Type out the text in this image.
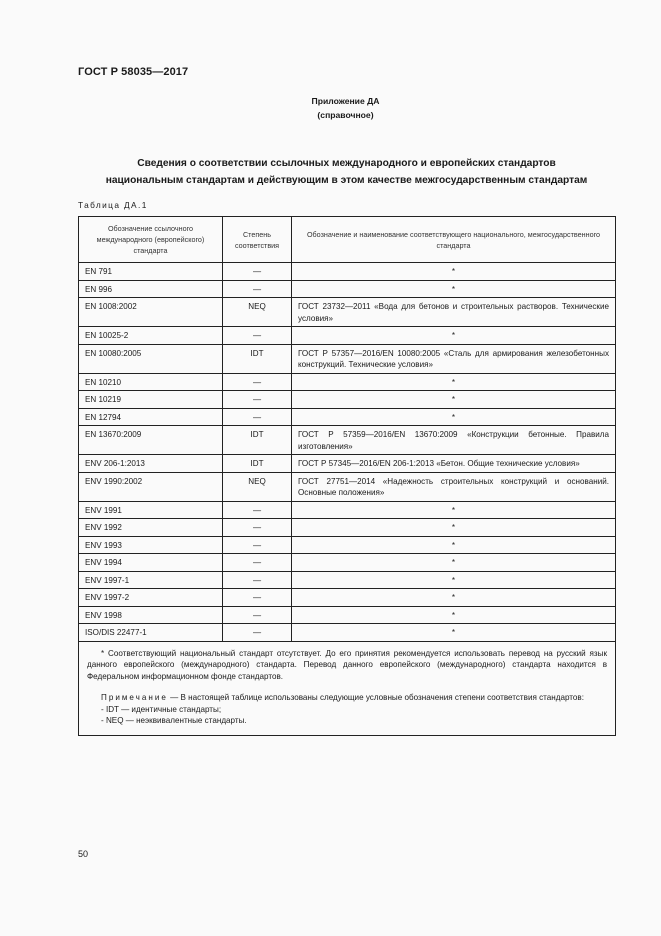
ГОСТ Р 58035—2017
Приложение ДА
(справочное)
Сведения о соответствии ссылочных международного и европейских стандартов
национальным стандартам и действующим в этом качестве межгосударственным стандартам
Таблица ДА.1
Обозначение ссылочного международного (европейского) стандарта	Степень соответствия	Обозначение и наименование соответствующего национального, межгосударственного стандарта
EN 791	—	*
EN 996	—	*
EN 1008:2002	NEQ	ГОСТ 23732—2011 «Вода для бетонов и строительных растворов. Технические условия»
EN 10025-2	—	*
EN 10080:2005	IDT	ГОСТ Р 57357—2016/EN 10080:2005 «Сталь для армирования железобетонных конструкций. Технические условия»
EN 10210	—	*
EN 10219	—	*
EN 12794	—	*
EN 13670:2009	IDT	ГОСТ Р 57359—2016/EN 13670:2009 «Конструкции бетонные. Правила изготовления»
ENV 206-1:2013	IDT	ГОСТ Р 57345—2016/EN 206-1:2013 «Бетон. Общие технические условия»
ENV 1990:2002	NEQ	ГОСТ 27751—2014 «Надежность строительных конструкций и оснований. Основные положения»
ENV 1991	—	*
ENV 1992	—	*
ENV 1993	—	*
ENV 1994	—	*
ENV 1997-1	—	*
ENV 1997-2	—	*
ENV 1998	—	*
ISO/DIS 22477-1	—	*

* Соответствующий национальный стандарт отсутствует. До его принятия рекомендуется использовать перевод на русский язык данного европейского (международного) стандарта. Перевод данного европейского (международного) стандарта находится в Федеральном информационном фонде стандартов.
Примечание — В настоящей таблице использованы следующие условные обозначения степени соответствия стандартов:
- IDT — идентичные стандарты;
- NEQ — неэквивалентные стандарты.		
50
